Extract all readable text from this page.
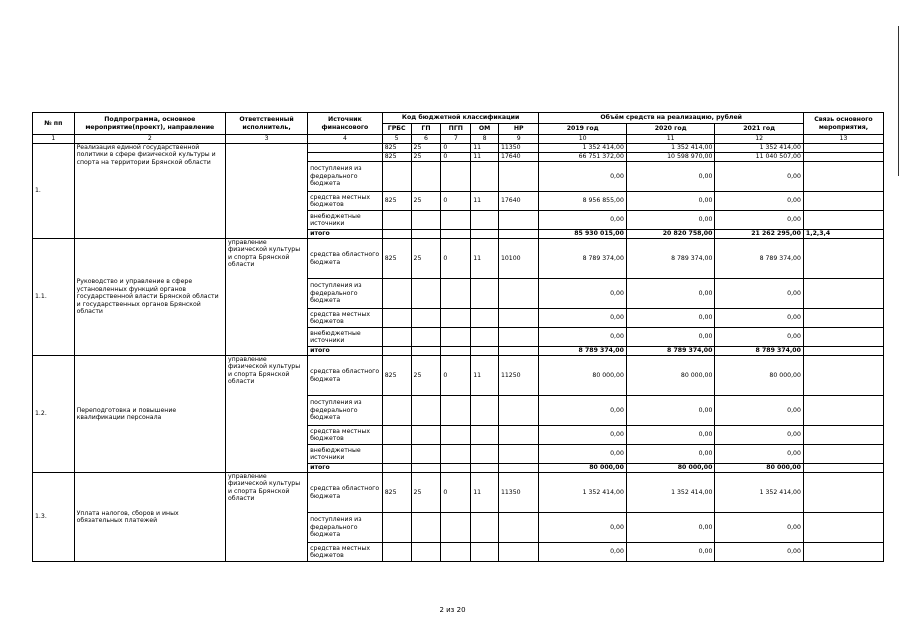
№ пп	Подпрограмма, основное мероприятие(проект), направление	Ответственный исполнитель,	Источник финансового	Код бюджетной классификации					Объём средств на реализацию, рублей			Связь основного мероприятия,
				ГРБС	ГП	ПГП	ОМ	НР	2019 год	2020 год	2021 год	
1	2	3	4	5	6	7	8	9	10	11	12	13
1.	Реализация единой государственной политики в сфере физической культуры и спорта на территории Брянской области			825	25	0	11	11350	1 352 414,00	1 352 414,00	1 352 414,00	
				825	25	0	11	17640	66 751 372,00	10 598 970,00	11 040 507,00	
			поступления из федерального бюджета						0,00	0,00	0,00	
			средства местных бюджетов	825	25	0	11	17640	8 956 855,00	0,00	0,00	
			внебюджетные источники						0,00	0,00	0,00	
			итого						85 930 015,00	20 820 758,00	21 262 295,00	1,2,3,4
1.1.	Руководство и управление в сфере установленных функций органов государственной власти Брянской области и государственных органов Брянской области	управление физической культуры и спорта Брянской области	средства областного бюджета	825	25	0	11	10100	8 789 374,00	8 789 374,00	8 789 374,00	
			поступления из федерального бюджета						0,00	0,00	0,00	
			средства местных бюджетов						0,00	0,00	0,00	
			внебюджетные источники						0,00	0,00	0,00	
			итого						8 789 374,00	8 789 374,00	8 789 374,00	
1.2.	Переподготовка и повышение квалификации персонала	управление физической культуры и спорта Брянской области	средства областного бюджета	825	25	0	11	11250	80 000,00	80 000,00	80 000,00	
			поступления из федерального бюджета						0,00	0,00	0,00	
			средства местных бюджетов						0,00	0,00	0,00	
			внебюджетные источники						0,00	0,00	0,00	
			итого						80 000,00	80 000,00	80 000,00	
1.3.	Уплата налогов, сборов и иных обязательных платежей	управление физической культуры и спорта Брянской области	средства областного бюджета	825	25	0	11	11350	1 352 414,00	1 352 414,00	1 352 414,00	
			поступления из федерального бюджета						0,00	0,00	0,00	
			средства местных бюджетов						0,00	0,00	0,00	
2 из 20
